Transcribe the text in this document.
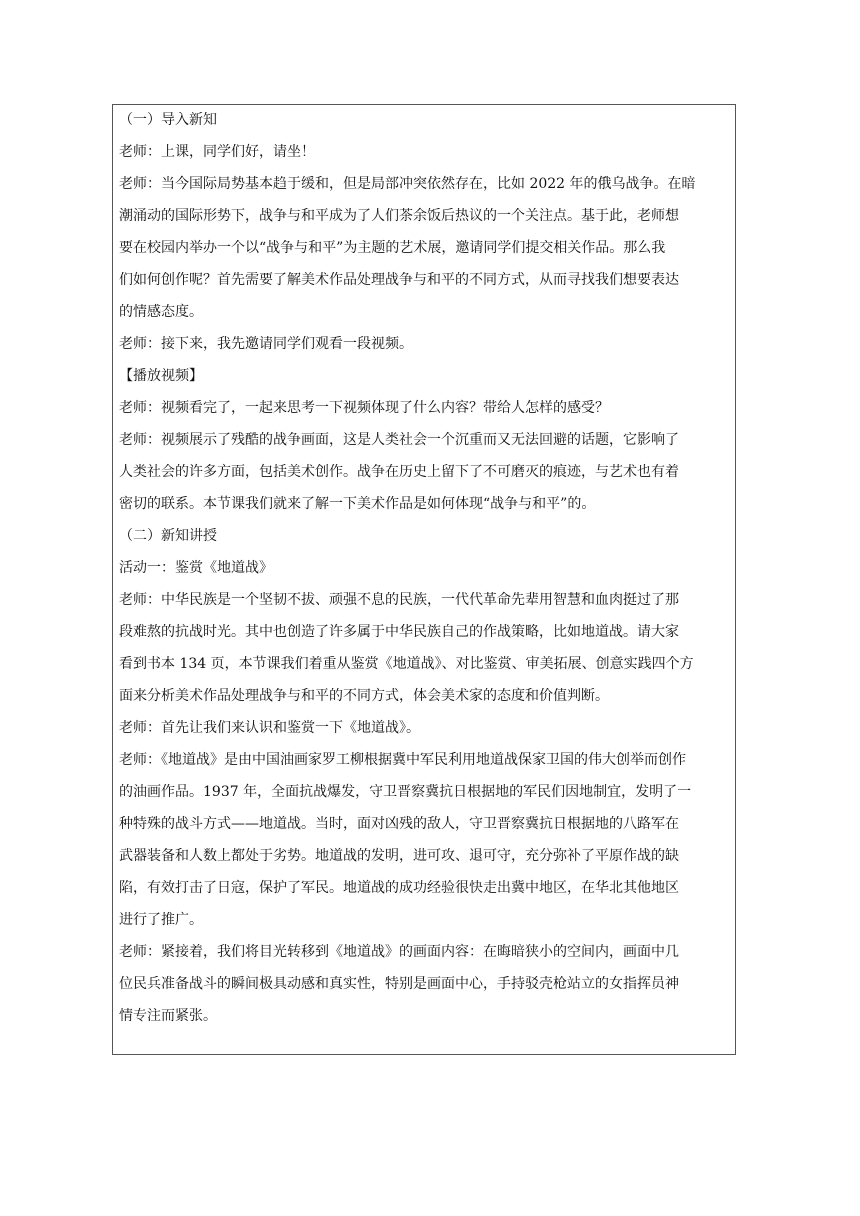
（一）导入新知
老师：上课，同学们好，请坐！
老师：当今国际局势基本趋于缓和，但是局部冲突依然存在，比如 2022 年的俄乌战争。在暗
潮涌动的国际形势下，战争与和平成为了人们茶余饭后热议的一个关注点。基于此，老师想
要在校园内举办一个以“战争与和平”为主题的艺术展，邀请同学们提交相关作品。那么我
们如何创作呢？首先需要了解美术作品处理战争与和平的不同方式，从而寻找我们想要表达
的情感态度。
老师：接下来，我先邀请同学们观看一段视频。
【播放视频】
老师：视频看完了，一起来思考一下视频体现了什么内容？带给人怎样的感受？
老师：视频展示了残酷的战争画面，这是人类社会一个沉重而又无法回避的话题，它影响了
人类社会的许多方面，包括美术创作。战争在历史上留下了不可磨灭的痕迹，与艺术也有着
密切的联系。本节课我们就来了解一下美术作品是如何体现“战争与和平”的。
（二）新知讲授
活动一：鉴赏《地道战》
老师：中华民族是一个坚韧不拔、顽强不息的民族，一代代革命先辈用智慧和血肉挺过了那
段难熬的抗战时光。其中也创造了许多属于中华民族自己的作战策略，比如地道战。请大家
看到书本 134 页，本节课我们着重从鉴赏《地道战》、对比鉴赏、审美拓展、创意实践四个方
面来分析美术作品处理战争与和平的不同方式，体会美术家的态度和价值判断。
老师：首先让我们来认识和鉴赏一下《地道战》。
老师：《地道战》是由中国油画家罗工柳根据冀中军民利用地道战保家卫国的伟大创举而创作
的油画作品。1937 年，全面抗战爆发，守卫晋察冀抗日根据地的军民们因地制宜，发明了一
种特殊的战斗方式——地道战。当时，面对凶残的敌人，守卫晋察冀抗日根据地的八路军在
武器装备和人数上都处于劣势。地道战的发明，进可攻、退可守，充分弥补了平原作战的缺
陷，有效打击了日寇，保护了军民。地道战的成功经验很快走出冀中地区，在华北其他地区
进行了推广。
老师：紧接着，我们将目光转移到《地道战》的画面内容：在晦暗狭小的空间内，画面中几
位民兵准备战斗的瞬间极具动感和真实性，特别是画面中心，手持驳壳枪站立的女指挥员神
情专注而紧张。
